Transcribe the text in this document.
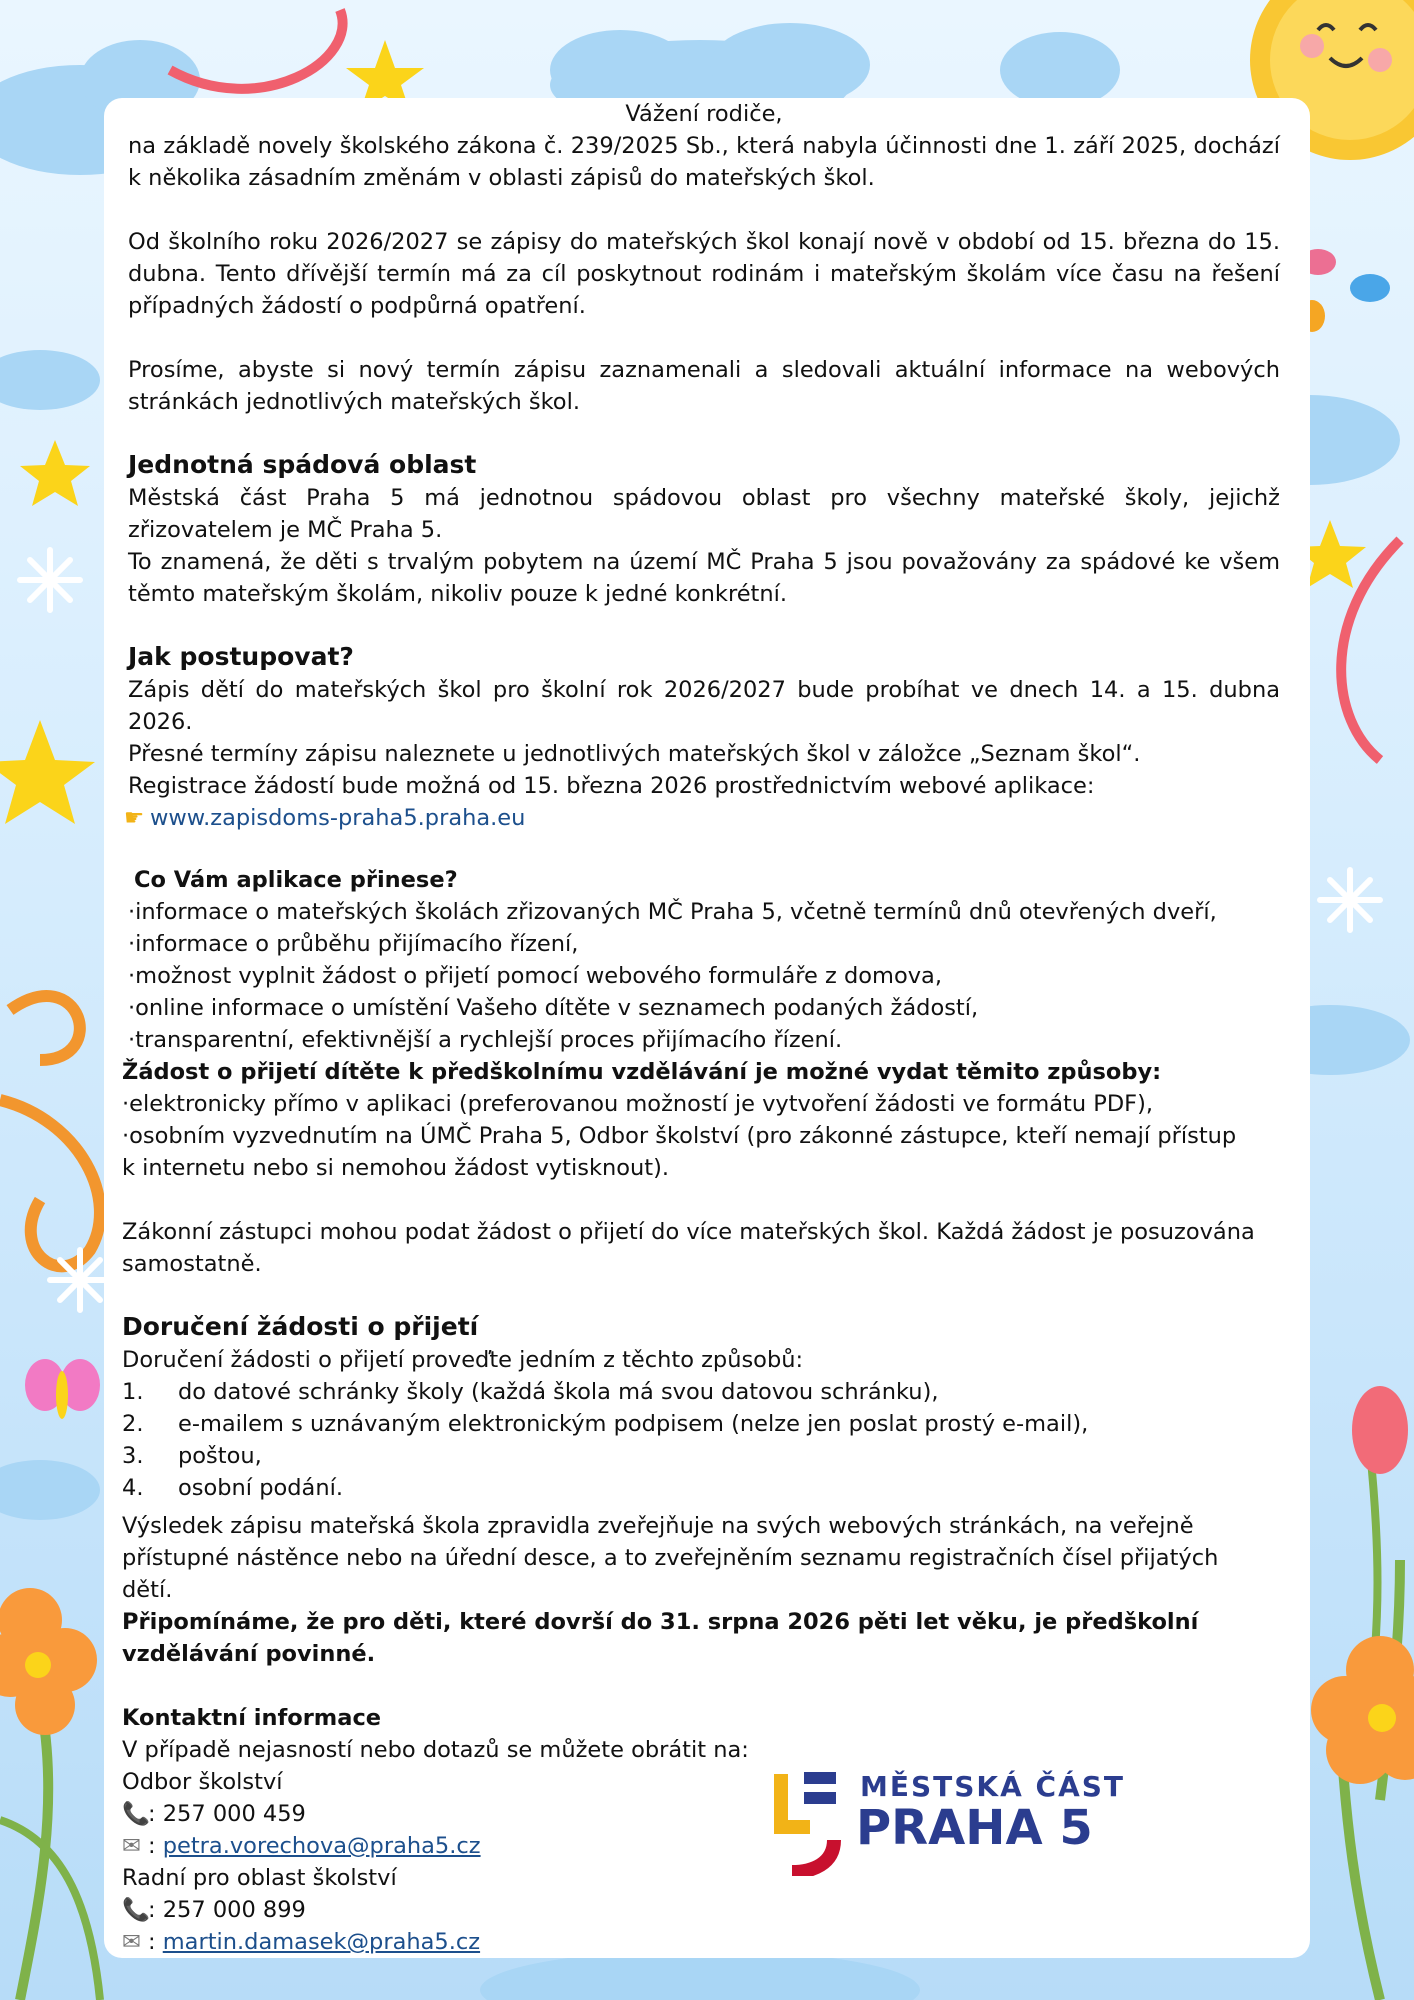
MĚSTSKÁ ČÁST
PRAHA 5

Vážení rodiče,

na základě novely školského zákona č. 239/2025 Sb., která nabyla účinnosti dne 1. září 2025, dochází k několika zásadním změnám v oblasti zápisů do mateřských škol.

Od školního roku 2026/2027 se zápisy do mateřských škol konají nově v období od 15. března do 15. dubna. Tento dřívější termín má za cíl poskytnout rodinám i mateřským školám více času na řešení případných žádostí o podpůrná opatření.

Prosíme, abyste si nový termín zápisu zaznamenali a sledovali aktuální informace na webových stránkách jednotlivých mateřských škol.

Jednotná spádová oblast

Městská část Praha 5 má jednotnou spádovou oblast pro všechny mateřské školy, jejichž zřizovatelem je MČ Praha 5.

To znamená, že děti s trvalým pobytem na území MČ Praha 5 jsou považovány za spádové ke všem těmto mateřským školám, nikoliv pouze k jedné konkrétní.

Jak postupovat?

Zápis dětí do mateřských škol pro školní rok 2026/2027 bude probíhat ve dnech 14. a 15. dubna 2026.

Přesné termíny zápisu naleznete u jednotlivých mateřských škol v záložce „Seznam škol“.

Registrace žádostí bude možná od 15. března 2026 prostřednictvím webové aplikace:

☛ www.zapisdoms-praha5.praha.eu
Co Vám aplikace přinese?
·informace o mateřských školách zřizovaných MČ Praha 5, včetně termínů dnů otevřených dveří,
·informace o průběhu přijímacího řízení,
·možnost vyplnit žádost o přijetí pomocí webového formuláře z domova,
·online informace o umístění Vašeho dítěte v seznamech podaných žádostí,
·transparentní, efektivnější a rychlejší proces přijímacího řízení.
Žádost o přijetí dítěte k předškolnímu vzdělávání je možné vydat těmito způsoby:

·elektronicky přímo v aplikaci (preferovanou možností je vytvoření žádosti ve formátu PDF),

·osobním vyzvednutím na ÚMČ Praha 5, Odbor školství (pro zákonné zástupce, kteří nemají přístup

k internetu nebo si nemohou žádost vytisknout).

Zákonní zástupci mohou podat žádost o přijetí do více mateřských škol. Každá žádost je posuzována samostatně.

Doručení žádosti o přijetí

Doručení žádosti o přijetí proveďte jedním z těchto způsobů:

1.	do datové schránky školy (každá škola má svou datovou schránku),
2.	e-mailem s uznávaným elektronickým podpisem (nelze jen poslat prostý e-mail),
3.	poštou,
4.	osobní podání.

Výsledek zápisu mateřská škola zpravidla zveřejňuje na svých webových stránkách, na veřejně přístupné nástěnce nebo na úřední desce, a to zveřejněním seznamu registračních čísel přijatých dětí.

Připomínáme, že pro děti, které dovrší do 31. srpna 2026 pěti let věku, je předškolní vzdělávání povinné.

Kontaktní informace

V případě nejasností nebo dotazů se můžete obrátit na:

Odbor školství

📞: 257 000 459

✉ : petra.vorechova@praha5.cz

Radní pro oblast školství

📞: 257 000 899

✉ : martin.damasek@praha5.cz
